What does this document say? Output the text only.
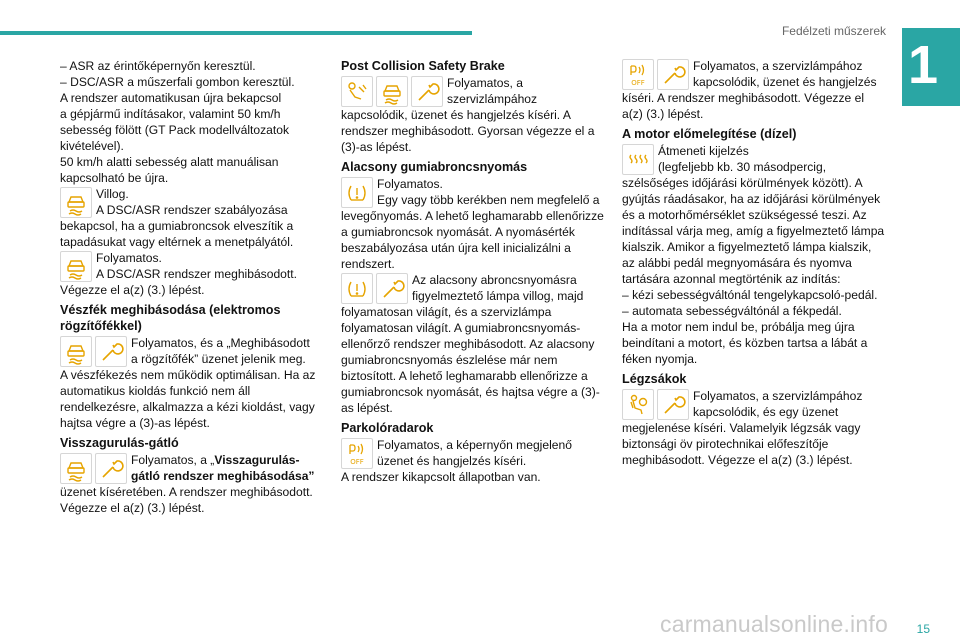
Fedélzeti műszerek
1

– ASR az érintőképernyőn keresztül.

– DSC/ASR a műszerfali gombon keresztül.

A rendszer automatikusan újra bekapcsol

a gépjármű indításakor, valamint 50 km/h

sebesség fölött (GT Pack modellváltozatok

kivételével).

50 km/h alatti sebesség alatt manuálisan

kapcsolható be újra.

Villog.

A DSC/ASR rendszer szabályozása

bekapcsol, ha a gumiabroncsok elveszítik a tapadásukat vagy eltérnek a menetpályától.

Folyamatos.

A DSC/ASR rendszer meghibásodott.

Végezze el a(z) (3.) lépést.

Vészfék meghibásodása (elektromos rögzítőfékkel)

Folyamatos, és a „Meghibásodott

a rögzítőfék” üzenet jelenik meg.

A vészfékezés nem működik optimálisan. Ha az automatikus kioldás funkció nem áll rendelkezésre, alkalmazza a kézi kioldást, vagy hajtsa végre a (3)-as lépést.

Visszagurulás-gátló

Folyamatos, a „Visszagurulás-

gátló rendszer meghibásodása”

üzenet kíséretében. A rendszer meghibásodott. Végezze el a(z) (3.) lépést.

Post Collision Safety Brake

Folyamatos, a

szervizlámpához

kapcsolódik, üzenet és hangjelzés kíséri. A rendszer meghibásodott. Gyorsan végezze el a (3)-as lépést.

Alacsony gumiabroncsnyomás

Folyamatos.

Egy vagy több kerékben nem megfelelő a

levegőnyomás. A lehető leghamarabb ellenőrizze a gumiabroncsok nyomását. A nyomásérték beszabályozása után újra kell inicializálni a rendszert.

Az alacsony abroncsnyomásra

figyelmeztető lámpa villog, majd

folyamatosan világít, és a szervizlámpa folyamatosan világít. A gumiabroncsnyomás-ellenőrző rendszer meghibásodott. Az alacsony gumiabroncsnyomás észlelése már nem biztosított. A lehető leghamarabb ellenőrizze a gumiabroncsok nyomását, és hajtsa végre a (3)-as lépést.

Parkolóradarok
OFF

Folyamatos, a képernyőn megjelenő

üzenet és hangjelzés kíséri.

A rendszer kikapcsolt állapotban van.

OFF

Folyamatos, a szervizlámpához

kapcsolódik, üzenet és hangjelzés

kíséri. A rendszer meghibásodott. Végezze el a(z) (3.) lépést.

A motor előmelegítése (dízel)

Átmeneti kijelzés

(legfeljebb kb. 30 másodpercig,

szélsőséges időjárási körülmények között). A gyújtás ráadásakor, ha az időjárási körülmények és a motorhőmérséklet szükségessé teszi. Az indítással várja meg, amíg a figyelmeztető lámpa kialszik. Amikor a figyelmeztető lámpa kialszik, az alábbi pedál megnyomására és nyomva tartására azonnal megtörténik az indítás:

– kézi sebességváltónál tengelykapcsoló-pedál.

– automata sebességváltónál a fékpedál.

Ha a motor nem indul be, próbálja meg újra beindítani a motort, és közben tartsa a lábát a féken nyomja.

Légzsákok

Folyamatos, a szervizlámpához

kapcsolódik, és egy üzenet

megjelenése kíséri. Valamelyik légzsák vagy biztonsági öv pirotechnikai előfeszítője meghibásodott. Végezze el a(z) (3.) lépést.

carmanualsonline.info 15
